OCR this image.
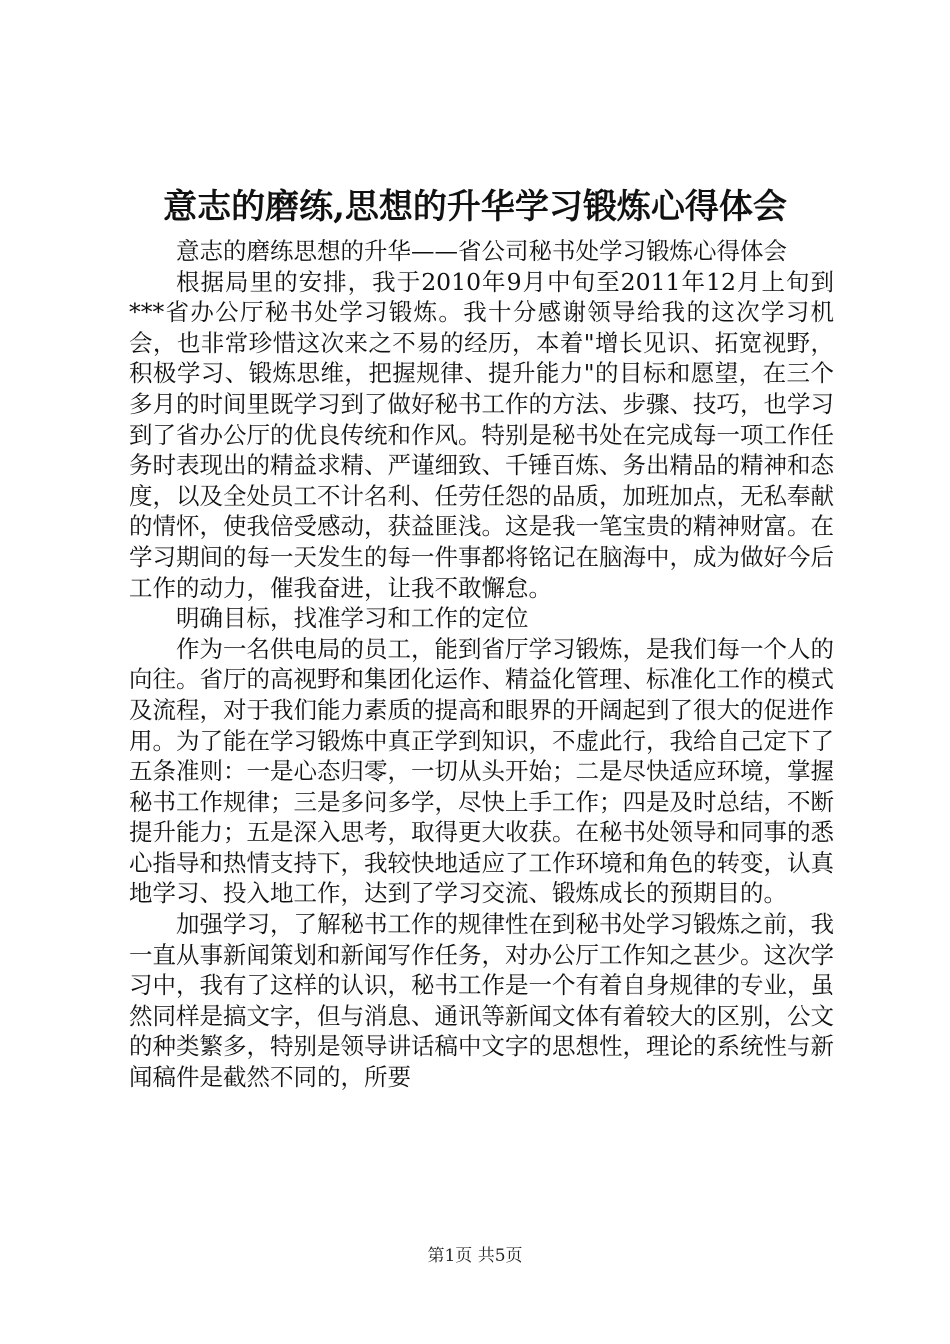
意志的磨练,思想的升华学习锻炼心得体会

意志的磨练思想的升华——省公司秘书处学习锻炼心得体会

根据局里的安排，我于2010年9月中旬至2011年12月上旬到***省办公厅秘书处学习锻炼。我十分感谢领导给我的这次学习机会，也非常珍惜这次来之不易的经历，本着"增长见识、拓宽视野，积极学习、锻炼思维，把握规律、提升能力"的目标和愿望，在三个多月的时间里既学习到了做好秘书工作的方法、步骤、技巧，也学习到了省办公厅的优良传统和作风。特别是秘书处在完成每一项工作任务时表现出的精益求精、严谨细致、千锤百炼、务出精品的精神和态度，以及全处员工不计名利、任劳任怨的品质，加班加点，无私奉献的情怀，使我倍受感动，获益匪浅。这是我一笔宝贵的精神财富。在学习期间的每一天发生的每一件事都将铭记在脑海中，成为做好今后工作的动力，催我奋进，让我不敢懈怠。

明确目标，找准学习和工作的定位

作为一名供电局的员工，能到省厅学习锻炼，是我们每一个人的向往。省厅的高视野和集团化运作、精益化管理、标准化工作的模式及流程，对于我们能力素质的提高和眼界的开阔起到了很大的促进作用。为了能在学习锻炼中真正学到知识，不虚此行，我给自己定下了五条准则：一是心态归零，一切从头开始；二是尽快适应环境，掌握秘书工作规律；三是多问多学，尽快上手工作；四是及时总结，不断提升能力；五是深入思考，取得更大收获。在秘书处领导和同事的悉心指导和热情支持下，我较快地适应了工作环境和角色的转变，认真地学习、投入地工作，达到了学习交流、锻炼成长的预期目的。

加强学习，了解秘书工作的规律性在到秘书处学习锻炼之前，我一直从事新闻策划和新闻写作任务，对办公厅工作知之甚少。这次学习中，我有了这样的认识，秘书工作是一个有着自身规律的专业，虽然同样是搞文字，但与消息、通讯等新闻文体有着较大的区别，公文的种类繁多，特别是领导讲话稿中文字的思想性，理论的系统性与新闻稿件是截然不同的，所要

第1页 共5页
